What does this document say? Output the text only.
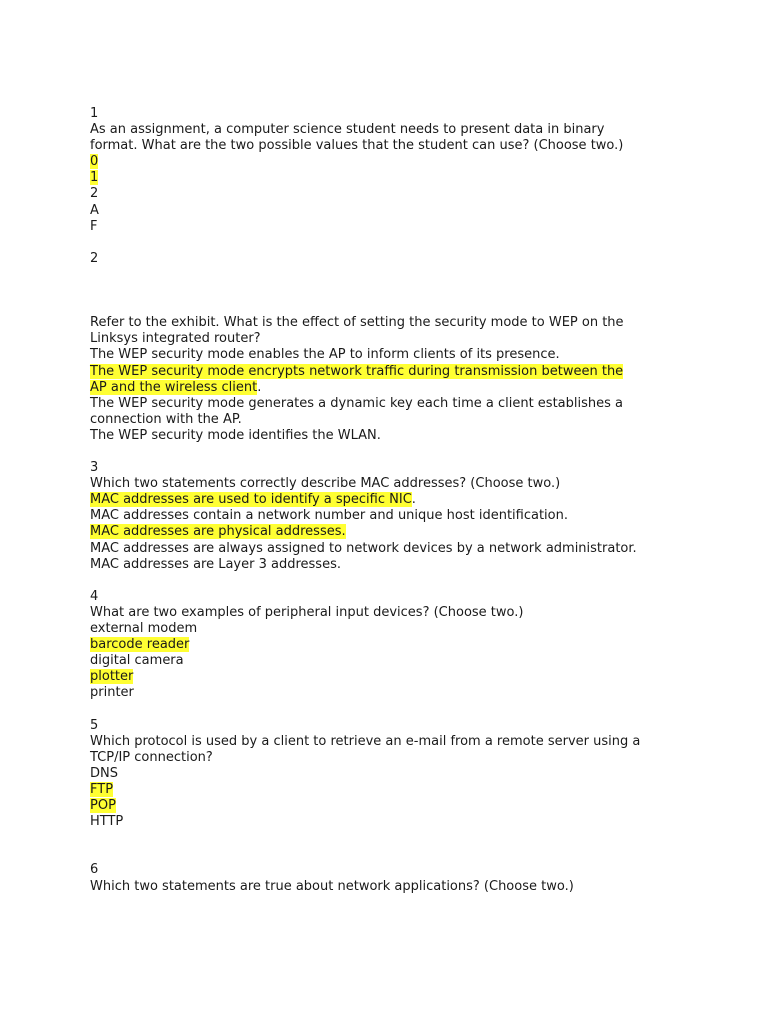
1
As an assignment, a computer science student needs to present data in binary
format. What are the two possible values that the student can use? (Choose two.)
0
1
2
A
F
2
Refer to the exhibit. What is the effect of setting the security mode to WEP on the
Linksys integrated router?
The WEP security mode enables the AP to inform clients of its presence.
The WEP security mode encrypts network traffic during transmission between the
AP and the wireless client.
The WEP security mode generates a dynamic key each time a client establishes a
connection with the AP.
The WEP security mode identifies the WLAN.
3
Which two statements correctly describe MAC addresses? (Choose two.)
MAC addresses are used to identify a specific NIC.
MAC addresses contain a network number and unique host identification.
MAC addresses are physical addresses.
MAC addresses are always assigned to network devices by a network administrator.
MAC addresses are Layer 3 addresses.
4
What are two examples of peripheral input devices? (Choose two.)
external modem
barcode reader
digital camera
plotter
printer
5
Which protocol is used by a client to retrieve an e-mail from a remote server using a
TCP/IP connection?
DNS
FTP
POP
HTTP
6
Which two statements are true about network applications? (Choose two.)
